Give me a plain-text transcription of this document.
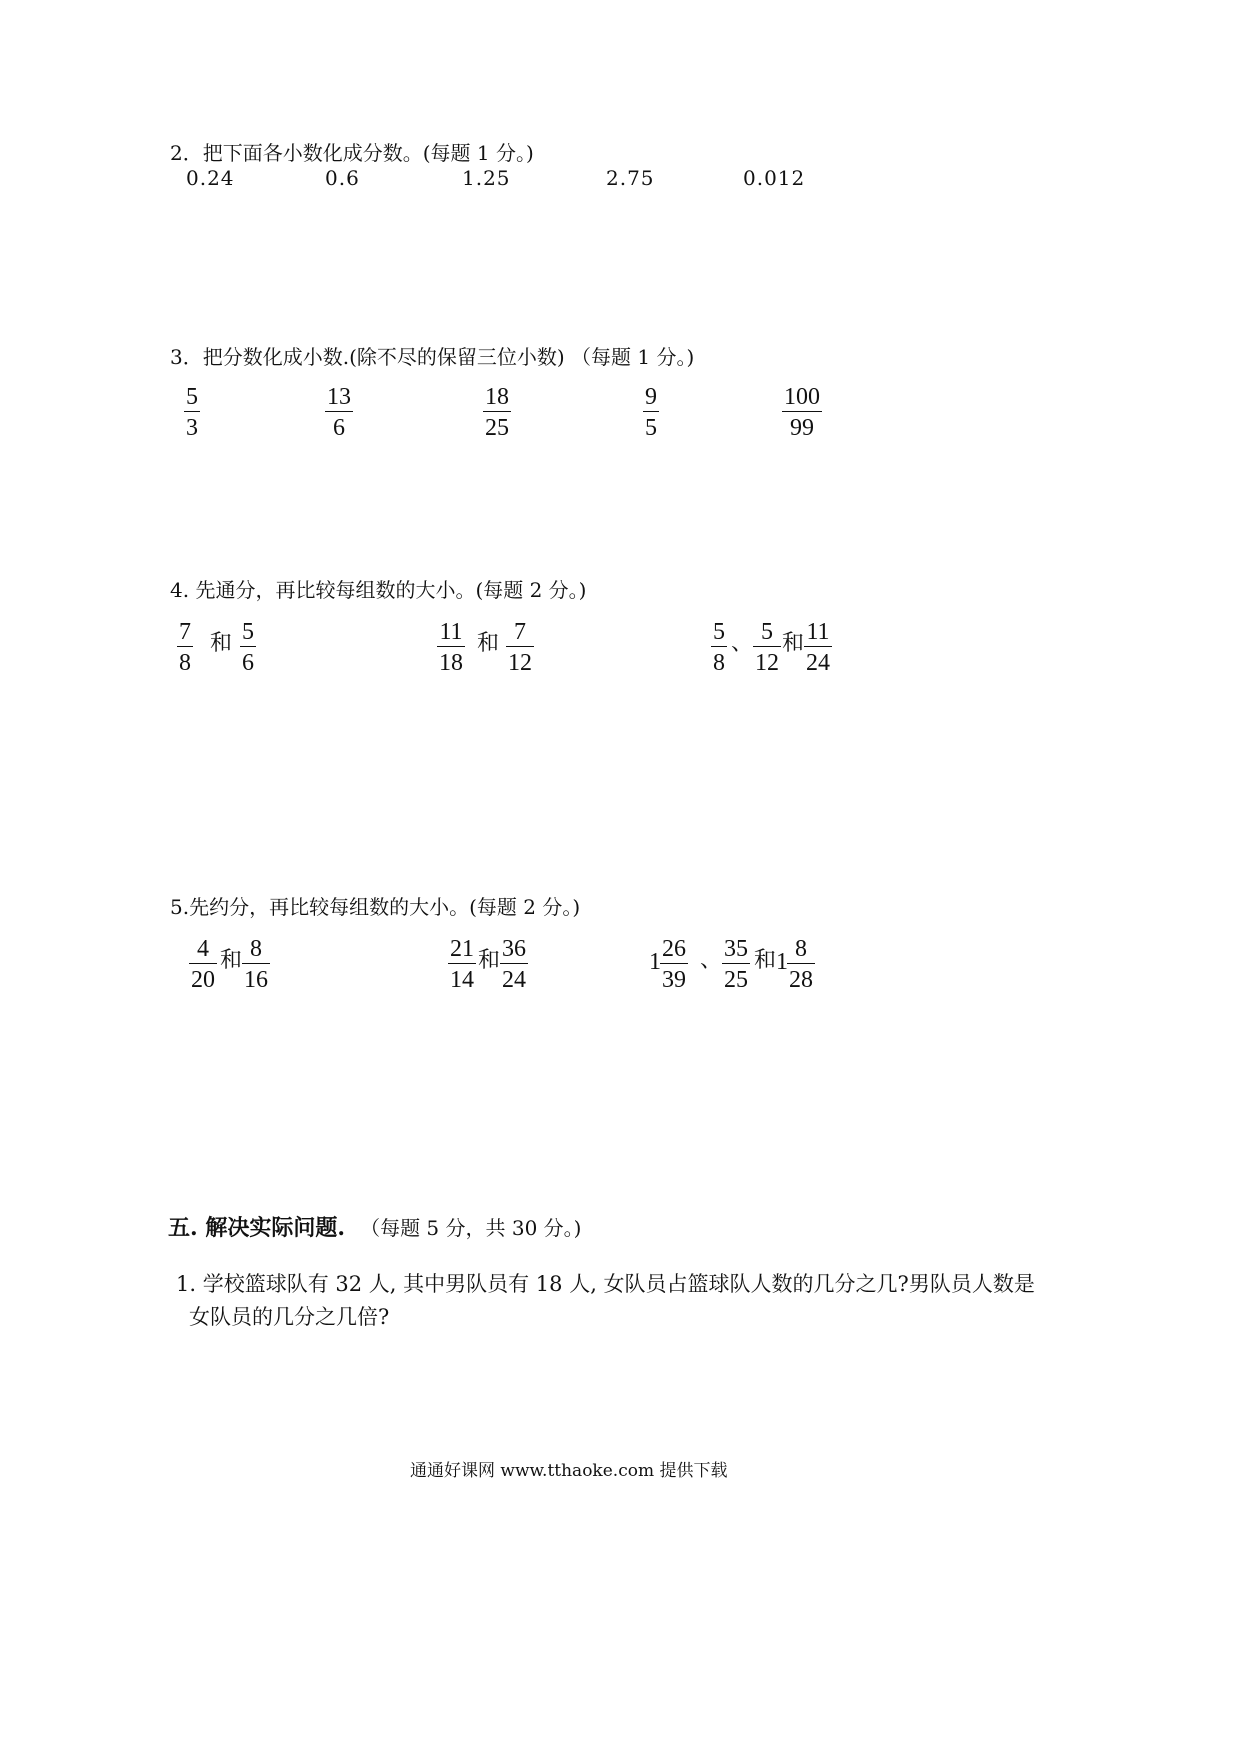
2．把下面各小数化成分数。(每题 1 分。)
0.24	0.6	1.25	2.75	0.012
3．把分数化成小数.(除不尽的保留三位小数) （每题 1 分。)
5
3
13
6
18
25
9
5
100
99
4. 先通分，再比较每组数的大小。(每题 2 分。)
7
8
和 5
6
11
18
和 7
12
5
8
、 5
12
和 11
24
5.先约分，再比较每组数的大小。(每题 2 分。)
4
20
和 8
16
21
14
和 36
24
1 26
39
、 35
25
和 1 8
28
五. 解决实际问题. （每题 5 分，共 30 分。)
1. 学校篮球队有 32 人, 其中男队员有 18 人, 女队员占篮球队人数的几分之几?男队员人数是
女队员的几分之几倍?
通通好课网 www.tthaoke.com 提供下载
